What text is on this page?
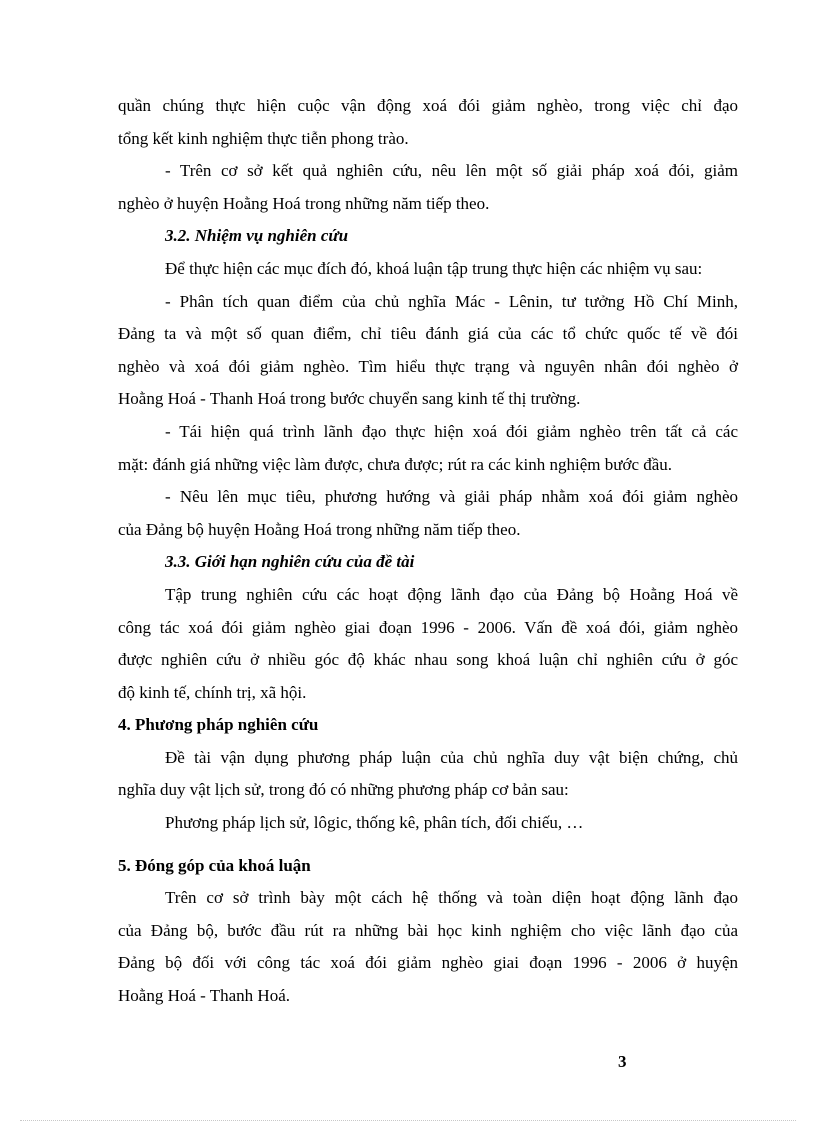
quần chúng thực hiện cuộc vận động xoá đói giảm nghèo, trong việc chỉ đạo
tổng kết kinh nghiệm thực tiễn phong trào.
- Trên cơ sở kết quả nghiên cứu, nêu lên một số giải pháp xoá đói, giảm
nghèo ở huyện Hoằng Hoá trong những năm tiếp theo.
3.2. Nhiệm vụ nghiên cứu
Để thực hiện các mục đích đó, khoá luận tập trung thực hiện các nhiệm vụ sau:
- Phân tích quan điểm của chủ nghĩa Mác - Lênin, tư tưởng Hồ Chí Minh,
Đảng ta và một số quan điểm, chỉ tiêu đánh giá của các tổ chức quốc tế về đói
nghèo và xoá đói giảm nghèo. Tìm hiểu thực trạng và nguyên nhân đói nghèo ở
Hoằng Hoá - Thanh Hoá trong bước chuyển sang kinh tế thị trường.
- Tái hiện quá trình lãnh đạo thực hiện xoá đói giảm nghèo trên tất cả các
mặt: đánh giá những việc làm được, chưa được; rút ra các kinh nghiệm bước đầu.
- Nêu lên mục tiêu, phương hướng và giải pháp nhằm xoá đói giảm nghèo
của Đảng bộ huyện Hoằng Hoá trong những năm tiếp theo.
3.3. Giới hạn nghiên cứu của đề tài
Tập trung nghiên cứu các hoạt động lãnh đạo của Đảng bộ Hoằng Hoá về
công tác xoá đói giảm nghèo giai đoạn 1996 - 2006. Vấn đề xoá đói, giảm nghèo
được nghiên cứu ở nhiều góc độ khác nhau song khoá luận chỉ nghiên cứu ở góc
độ kinh tế, chính trị, xã hội.
4. Phương pháp nghiên cứu
Đề tài vận dụng phương pháp luận của chủ nghĩa duy vật biện chứng, chủ
nghĩa duy vật lịch sử, trong đó có những phương pháp cơ bản sau:
Phương pháp lịch sử, lôgic, thống kê, phân tích, đối chiếu, …
5. Đóng góp của khoá luận
Trên cơ sở trình bày một cách hệ thống và toàn diện hoạt động lãnh đạo
của Đảng bộ, bước đầu rút ra những bài học kinh nghiệm cho việc lãnh đạo của
Đảng bộ đối với công tác xoá đói giảm nghèo giai đoạn 1996 - 2006 ở huyện
Hoằng Hoá - Thanh Hoá.
3
